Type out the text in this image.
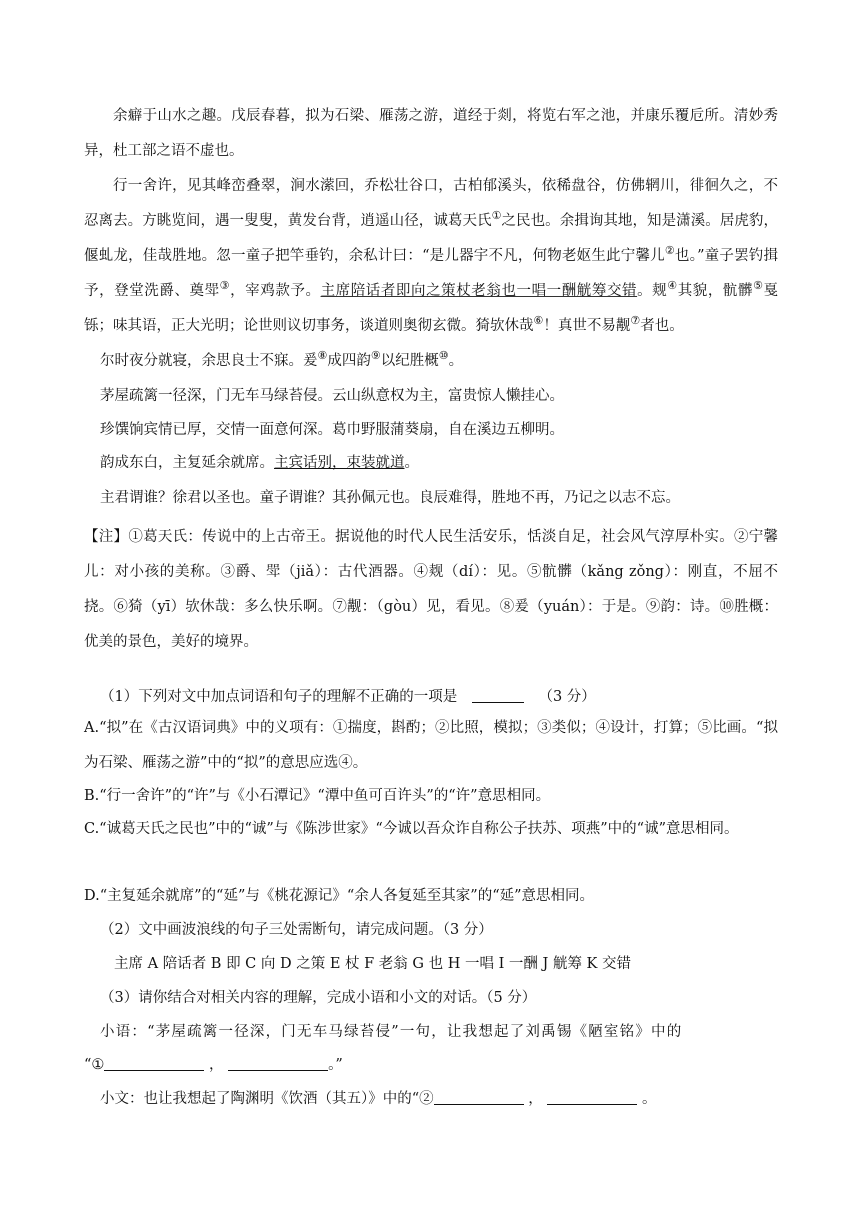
余癖于山水之趣。戊辰春暮，拟为石梁、雁荡之游，道经于剡，将览右军之池，并康乐覆卮所。清妙秀异，杜工部之语不虚也。

行一舍许，见其峰峦叠翠，涧水潆回，乔松壮谷口，古柏郁溪头，依稀盘谷，仿佛辋川，徘徊久之，不忍离去。方眺览间，遇一叟叟，黄发台背，逍遥山径，诚葛天氏①之民也。余揖询其地，知是潇溪。居虎豹，偃虬龙，佳哉胜地。忽一童子把竿垂钓，余私计曰：“是儿器宇不凡，何物老妪生此宁馨儿②也。”童子罢钓揖予，登堂洗爵、奠斝③，宰鸡款予。主席陪话者即向之策杖老翁也一唱一酬觥筹交错。觌④其貌，骯髒⑤戛铄；味其语，正大光明；论世则议切事务，谈道则奥彻玄微。猗欤休哉⑥！真世不易觏⑦者也。

尔时夜分就寝，余思良士不寐。爰⑧成四韵⑨以纪胜概⑩。

茅屋疏篱一径深，门无车马绿苔侵。云山纵意权为主，富贵惊人懒挂心。

珍馔饷宾情已厚，交情一面意何深。葛巾野服蒲葵扇，自在溪边五柳明。

韵成东白，主复延余就席。主宾话别，束装就道。

主君谓谁？徐君以圣也。童子谓谁？其孙佩元也。良辰难得，胜地不再，乃记之以志不忘。

【注】①葛天氏：传说中的上古帝王。据说他的时代人民生活安乐，恬淡自足，社会风气淳厚朴实。②宁馨儿：对小孩的美称。③爵、斝（jiǎ）：古代酒器。④觌（dí）：见。⑤骯髒（kǎng zǒng）：刚直，不屈不挠。⑥猗（yī）欤休哉：多么快乐啊。⑦觏：（gòu）见，看见。⑧爰（yuán）：于是。⑨韵：诗。⑩胜概：优美的景色，美好的境界。

（1）下列对文中加点词语和句子的理解不正确的一项是	（3 分）

A.“拟”在《古汉语词典》中的义项有：①揣度，斟酌；②比照，模拟；③类似；④设计，打算；⑤比画。“拟为石梁、雁荡之游”中的“拟”的意思应选④。

B.“行一舍许”的“许”与《小石潭记》“潭中鱼可百许头”的“许”意思相同。

C.“诚葛天氏之民也”中的“诚”与《陈涉世家》“今诚以吾众诈自称公子扶苏、项燕”中的“诚”意思相同。

D.“主复延余就席”的“延”与《桃花源记》“余人各复延至其家”的“延”意思相同。

（2）文中画波浪线的句子三处需断句，请完成问题。（3 分）

主席 A 陪话者 B 即 C 向 D 之策 E 杖 F 老翁 G 也 H 一唱 I 一酬 J 觥筹 K 交错

（3）请你结合对相关内容的理解，完成小语和小文的对话。（5 分）

小语：“茅屋疏篱一径深，门无车马绿苔侵”一句，让我想起了刘禹锡《陋室铭》中的

“①	，	。”

小文：也让我想起了陶渊明《饮酒（其五）》中的“②	，	。
